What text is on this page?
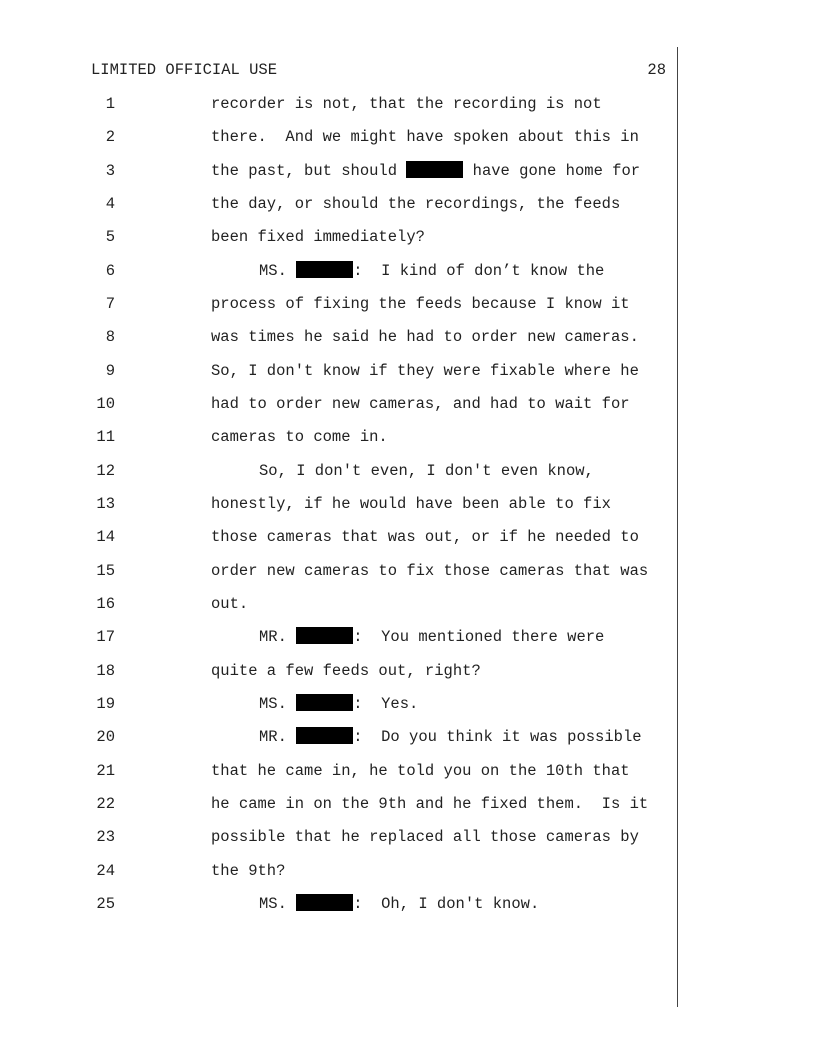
LIMITED OFFICIAL USE	28
1	recorder is not, that the recording is not
2	there.  And we might have spoken about this in
3	the past, but should	have gone home for
4	the day, or should the recordings, the feeds
5	been fixed immediately?
6	MS.	:  I kind of don’t know the
7	process of fixing the feeds because I know it
8	was times he said he had to order new cameras.
9	So, I don't know if they were fixable where he
10	had to order new cameras, and had to wait for
11	cameras to come in.
12	So, I don't even, I don't even know,
13	honestly, if he would have been able to fix
14	those cameras that was out, or if he needed to
15	order new cameras to fix those cameras that was
16	out.
17	MR.	:  You mentioned there were
18	quite a few feeds out, right?
19	MS.	:  Yes.
20	MR.	:  Do you think it was possible
21	that he came in, he told you on the 10th that
22	he came in on the 9th and he fixed them.  Is it
23	possible that he replaced all those cameras by
24	the 9th?
25	MS.	:  Oh, I don't know.
